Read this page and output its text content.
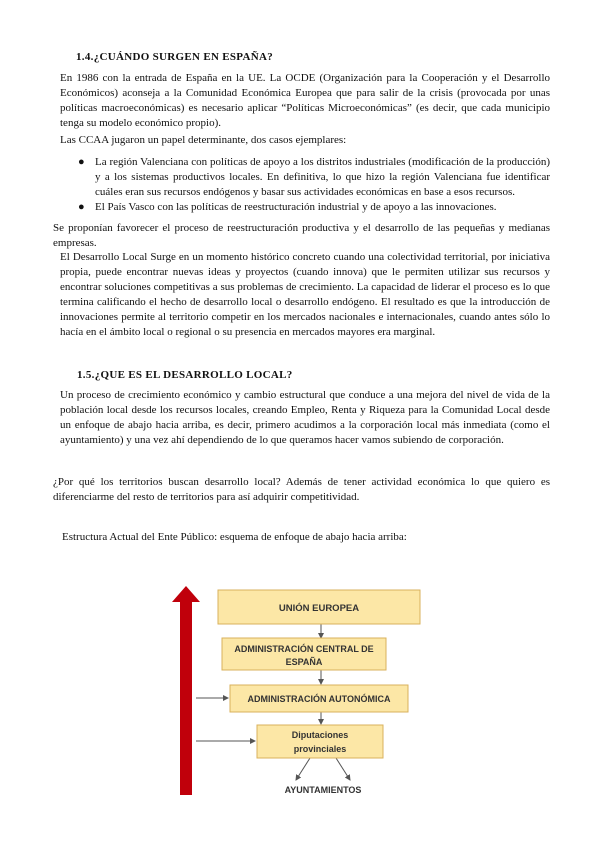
1.4.¿CUÁNDO SURGEN EN ESPAÑA?
En 1986 con la entrada de España en la UE. La OCDE (Organización para la Cooperación y el Desarrollo Económicos) aconseja a la Comunidad Económica Europea que para salir de la crisis (provocada por unas políticas macroeconómicas) es necesario aplicar “Políticas Microeconómicas” (es decir, que cada municipio tenga su modelo económico propio).
Las CCAA jugaron un papel determinante, dos casos ejemplares:
● La región Valenciana con políticas de apoyo a los distritos industriales (modificación de la producción) y a los sistemas productivos locales. En definitiva, lo que hizo la región Valenciana fue identificar cuáles eran sus recursos endógenos y basar sus actividades económicas en base a esos recursos.
● El País Vasco con las políticas de reestructuración industrial y de apoyo a las innovaciones.
Se proponían favorecer el proceso de reestructuración productiva y el desarrollo de las pequeñas y medianas empresas.
El Desarrollo Local Surge en un momento histórico concreto cuando una colectividad territorial, por iniciativa propia, puede encontrar nuevas ideas y proyectos (cuando innova) que le permiten utilizar sus recursos y encontrar soluciones competitivas a sus problemas de crecimiento. La capacidad de liderar el proceso es lo que termina calificando el hecho de desarrollo local o desarrollo endógeno. El resultado es que la introducción de innovaciones permite al territorio competir en los mercados nacionales e internacionales, cuando antes sólo lo hacía en el ámbito local o regional o su presencia en mercados mayores era marginal.
1.5.¿QUE ES EL DESARROLLO LOCAL?
Un proceso de crecimiento económico y cambio estructural que conduce a una mejora del nivel de vida de la población local desde los recursos locales, creando Empleo, Renta y Riqueza para la Comunidad Local desde un enfoque de abajo hacia arriba, es decir, primero acudimos a la corporación local más inmediata (como el ayuntamiento) y una vez ahí dependiendo de lo que queramos hacer vamos subiendo de corporación.
¿Por qué los territorios buscan desarrollo local? Además de tener actividad económica lo que quiero es diferenciarme del resto de territorios para así adquirir competitividad.
Estructura Actual del Ente Público: esquema de enfoque de abajo hacia arriba:
UNIÓN EUROPEA
ADMINISTRACIÓN CENTRAL DE
ESPAÑA
ADMINISTRACIÓN AUTONÓMICA
Diputaciones
provinciales
AYUNTAMIENTOS
